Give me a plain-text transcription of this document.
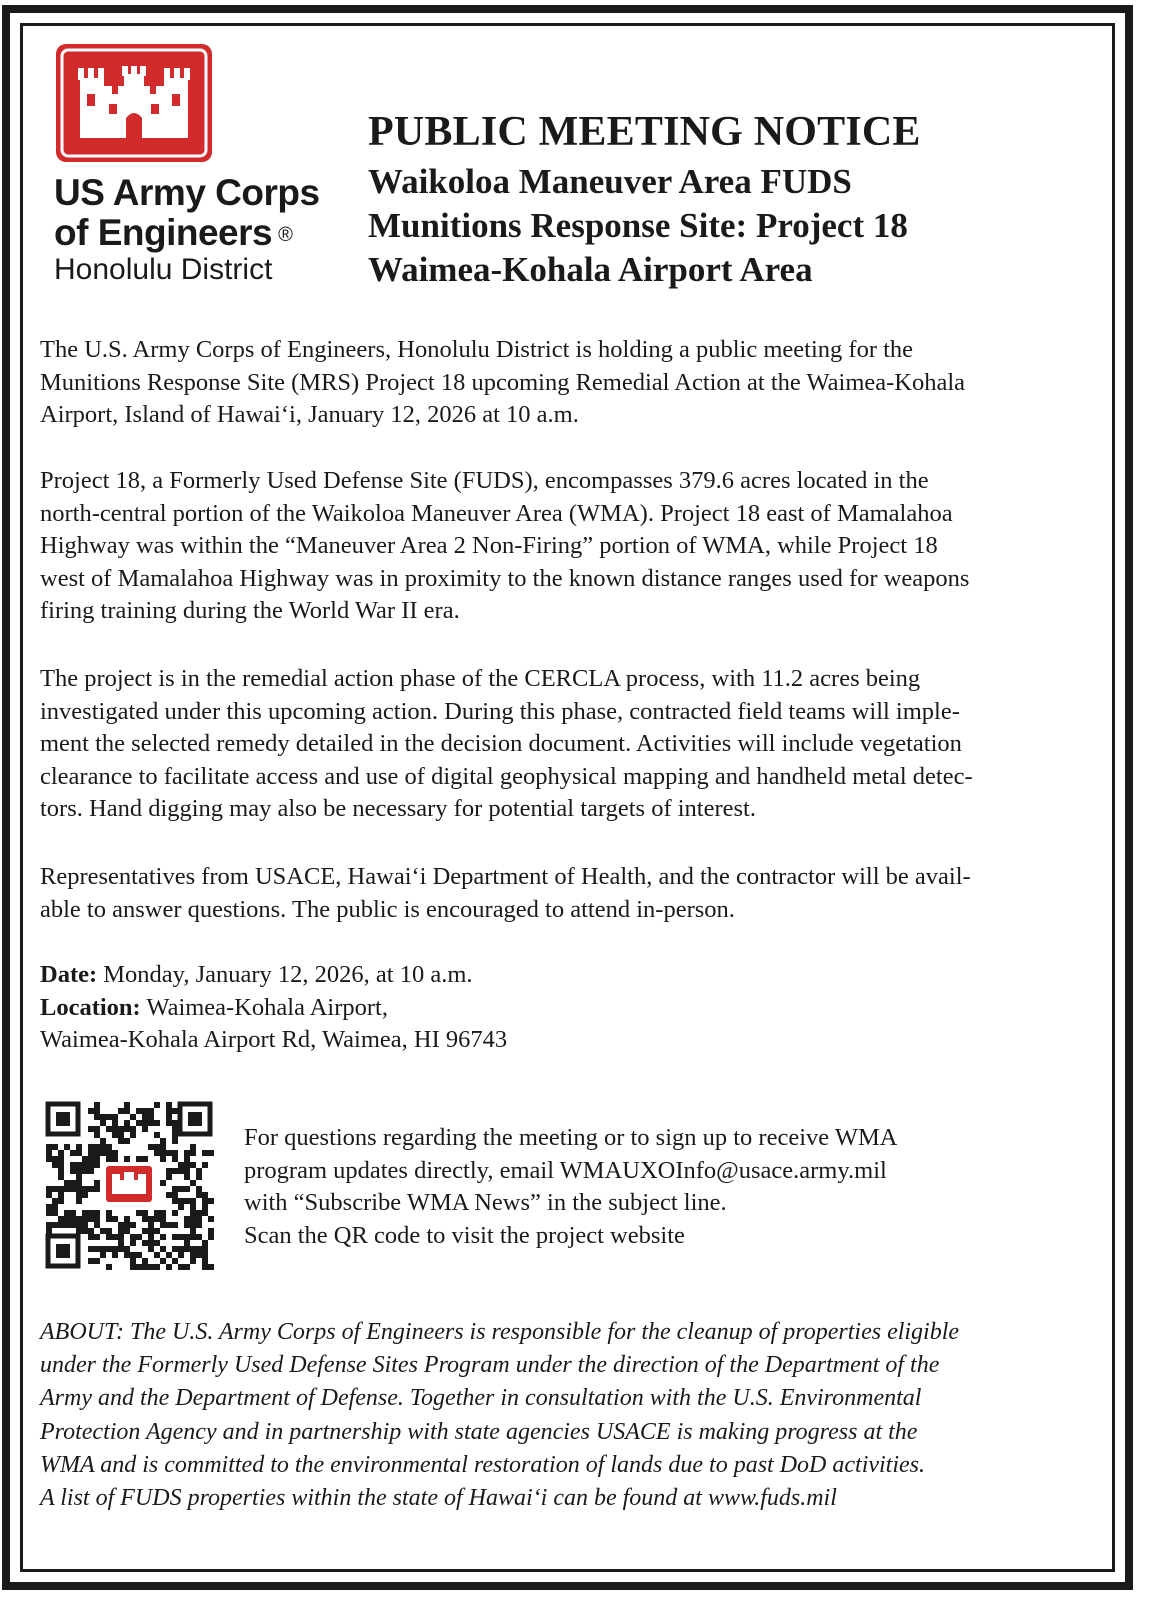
US Army Corps
of Engineers ®
Honolulu District
PUBLIC MEETING NOTICE
Waikoloa Maneuver Area FUDS
Munitions Response Site: Project 18
Waimea-Kohala Airport Area
The U.S. Army Corps of Engineers, Honolulu District is holding a public meeting for the
Munitions Response Site (MRS) Project 18 upcoming Remedial Action at the Waimea-Kohala
Airport, Island of Hawai‘i, January 12, 2026 at 10 a.m.
Project 18, a Formerly Used Defense Site (FUDS), encompasses 379.6 acres located in the
north-central portion of the Waikoloa Maneuver Area (WMA). Project 18 east of Mamalahoa
Highway was within the “Maneuver Area 2 Non-Firing” portion of WMA, while Project 18
west of Mamalahoa Highway was in proximity to the known distance ranges used for weapons
firing training during the World War II era.
The project is in the remedial action phase of the CERCLA process, with 11.2 acres being
investigated under this upcoming action. During this phase, contracted field teams will imple-
ment the selected remedy detailed in the decision document. Activities will include vegetation
clearance to facilitate access and use of digital geophysical mapping and handheld metal detec-
tors. Hand digging may also be necessary for potential targets of interest.
Representatives from USACE, Hawai‘i Department of Health, and the contractor will be avail-
able to answer questions. The public is encouraged to attend in-person.
Date: Monday, January 12, 2026, at 10 a.m.
Location: Waimea-Kohala Airport,
Waimea-Kohala Airport Rd, Waimea, HI 96743
For questions regarding the meeting or to sign up to receive WMA
program updates directly, email WMAUXOInfo@usace.army.mil
with “Subscribe WMA News” in the subject line.
Scan the QR code to visit the project website
ABOUT: The U.S. Army Corps of Engineers is responsible for the cleanup of properties eligible
under the Formerly Used Defense Sites Program under the direction of the Department of the
Army and the Department of Defense. Together in consultation with the U.S. Environmental
Protection Agency and in partnership with state agencies USACE is making progress at the
WMA and is committed to the environmental restoration of lands due to past DoD activities.
A list of FUDS properties within the state of Hawai‘i can be found at www.fuds.mil
